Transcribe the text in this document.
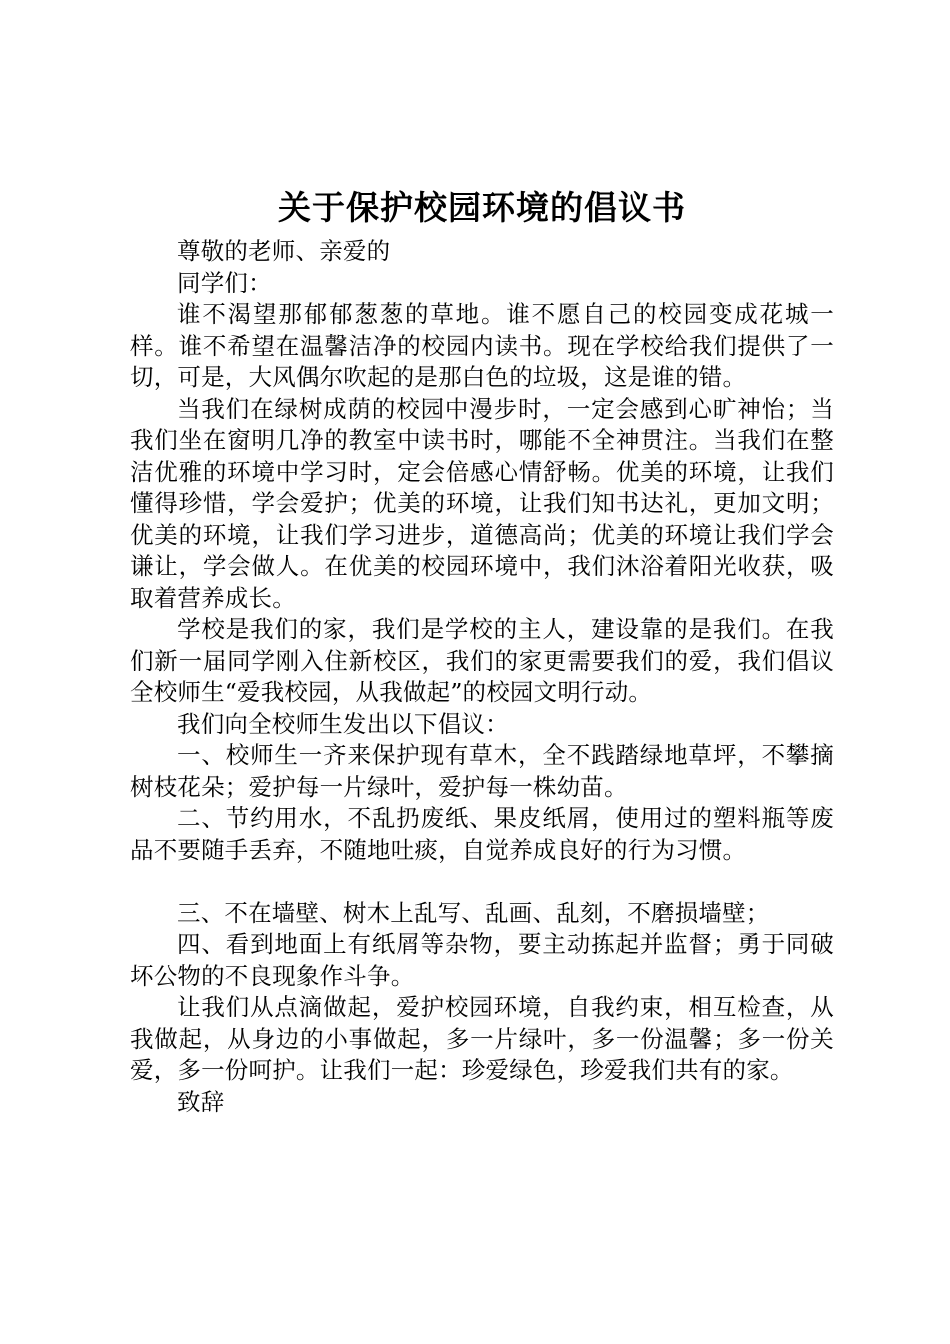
关于保护校园环境的倡议书

尊敬的老师、亲爱的

同学们：

谁不渴望那郁郁葱葱的草地。谁不愿自己的校园变成花城一样。谁不希望在温馨洁净的校园内读书。现在学校给我们提供了一切，可是，大风偶尔吹起的是那白色的垃圾，这是谁的错。

当我们在绿树成荫的校园中漫步时，一定会感到心旷神怡；当我们坐在窗明几净的教室中读书时，哪能不全神贯注。当我们在整洁优雅的环境中学习时，定会倍感心情舒畅。优美的环境，让我们懂得珍惜，学会爱护；优美的环境，让我们知书达礼，更加文明；优美的环境，让我们学习进步，道德高尚；优美的环境让我们学会谦让，学会做人。在优美的校园环境中，我们沐浴着阳光收获，吸取着营养成长。

学校是我们的家，我们是学校的主人，建设靠的是我们。在我们新一届同学刚入住新校区，我们的家更需要我们的爱，我们倡议全校师生“爱我校园，从我做起”的校园文明行动。

我们向全校师生发出以下倡议：

一、校师生一齐来保护现有草木，全不践踏绿地草坪，不攀摘树枝花朵；爱护每一片绿叶，爱护每一株幼苗。

二、节约用水，不乱扔废纸、果皮纸屑，使用过的塑料瓶等废品不要随手丢弃，不随地吐痰，自觉养成良好的行为习惯。

三、不在墙壁、树木上乱写、乱画、乱刻，不磨损墙壁；

四、看到地面上有纸屑等杂物，要主动拣起并监督；勇于同破坏公物的不良现象作斗争。

让我们从点滴做起，爱护校园环境，自我约束，相互检查，从我做起，从身边的小事做起，多一片绿叶，多一份温馨；多一份关爱，多一份呵护。让我们一起：珍爱绿色，珍爱我们共有的家。

致辞
